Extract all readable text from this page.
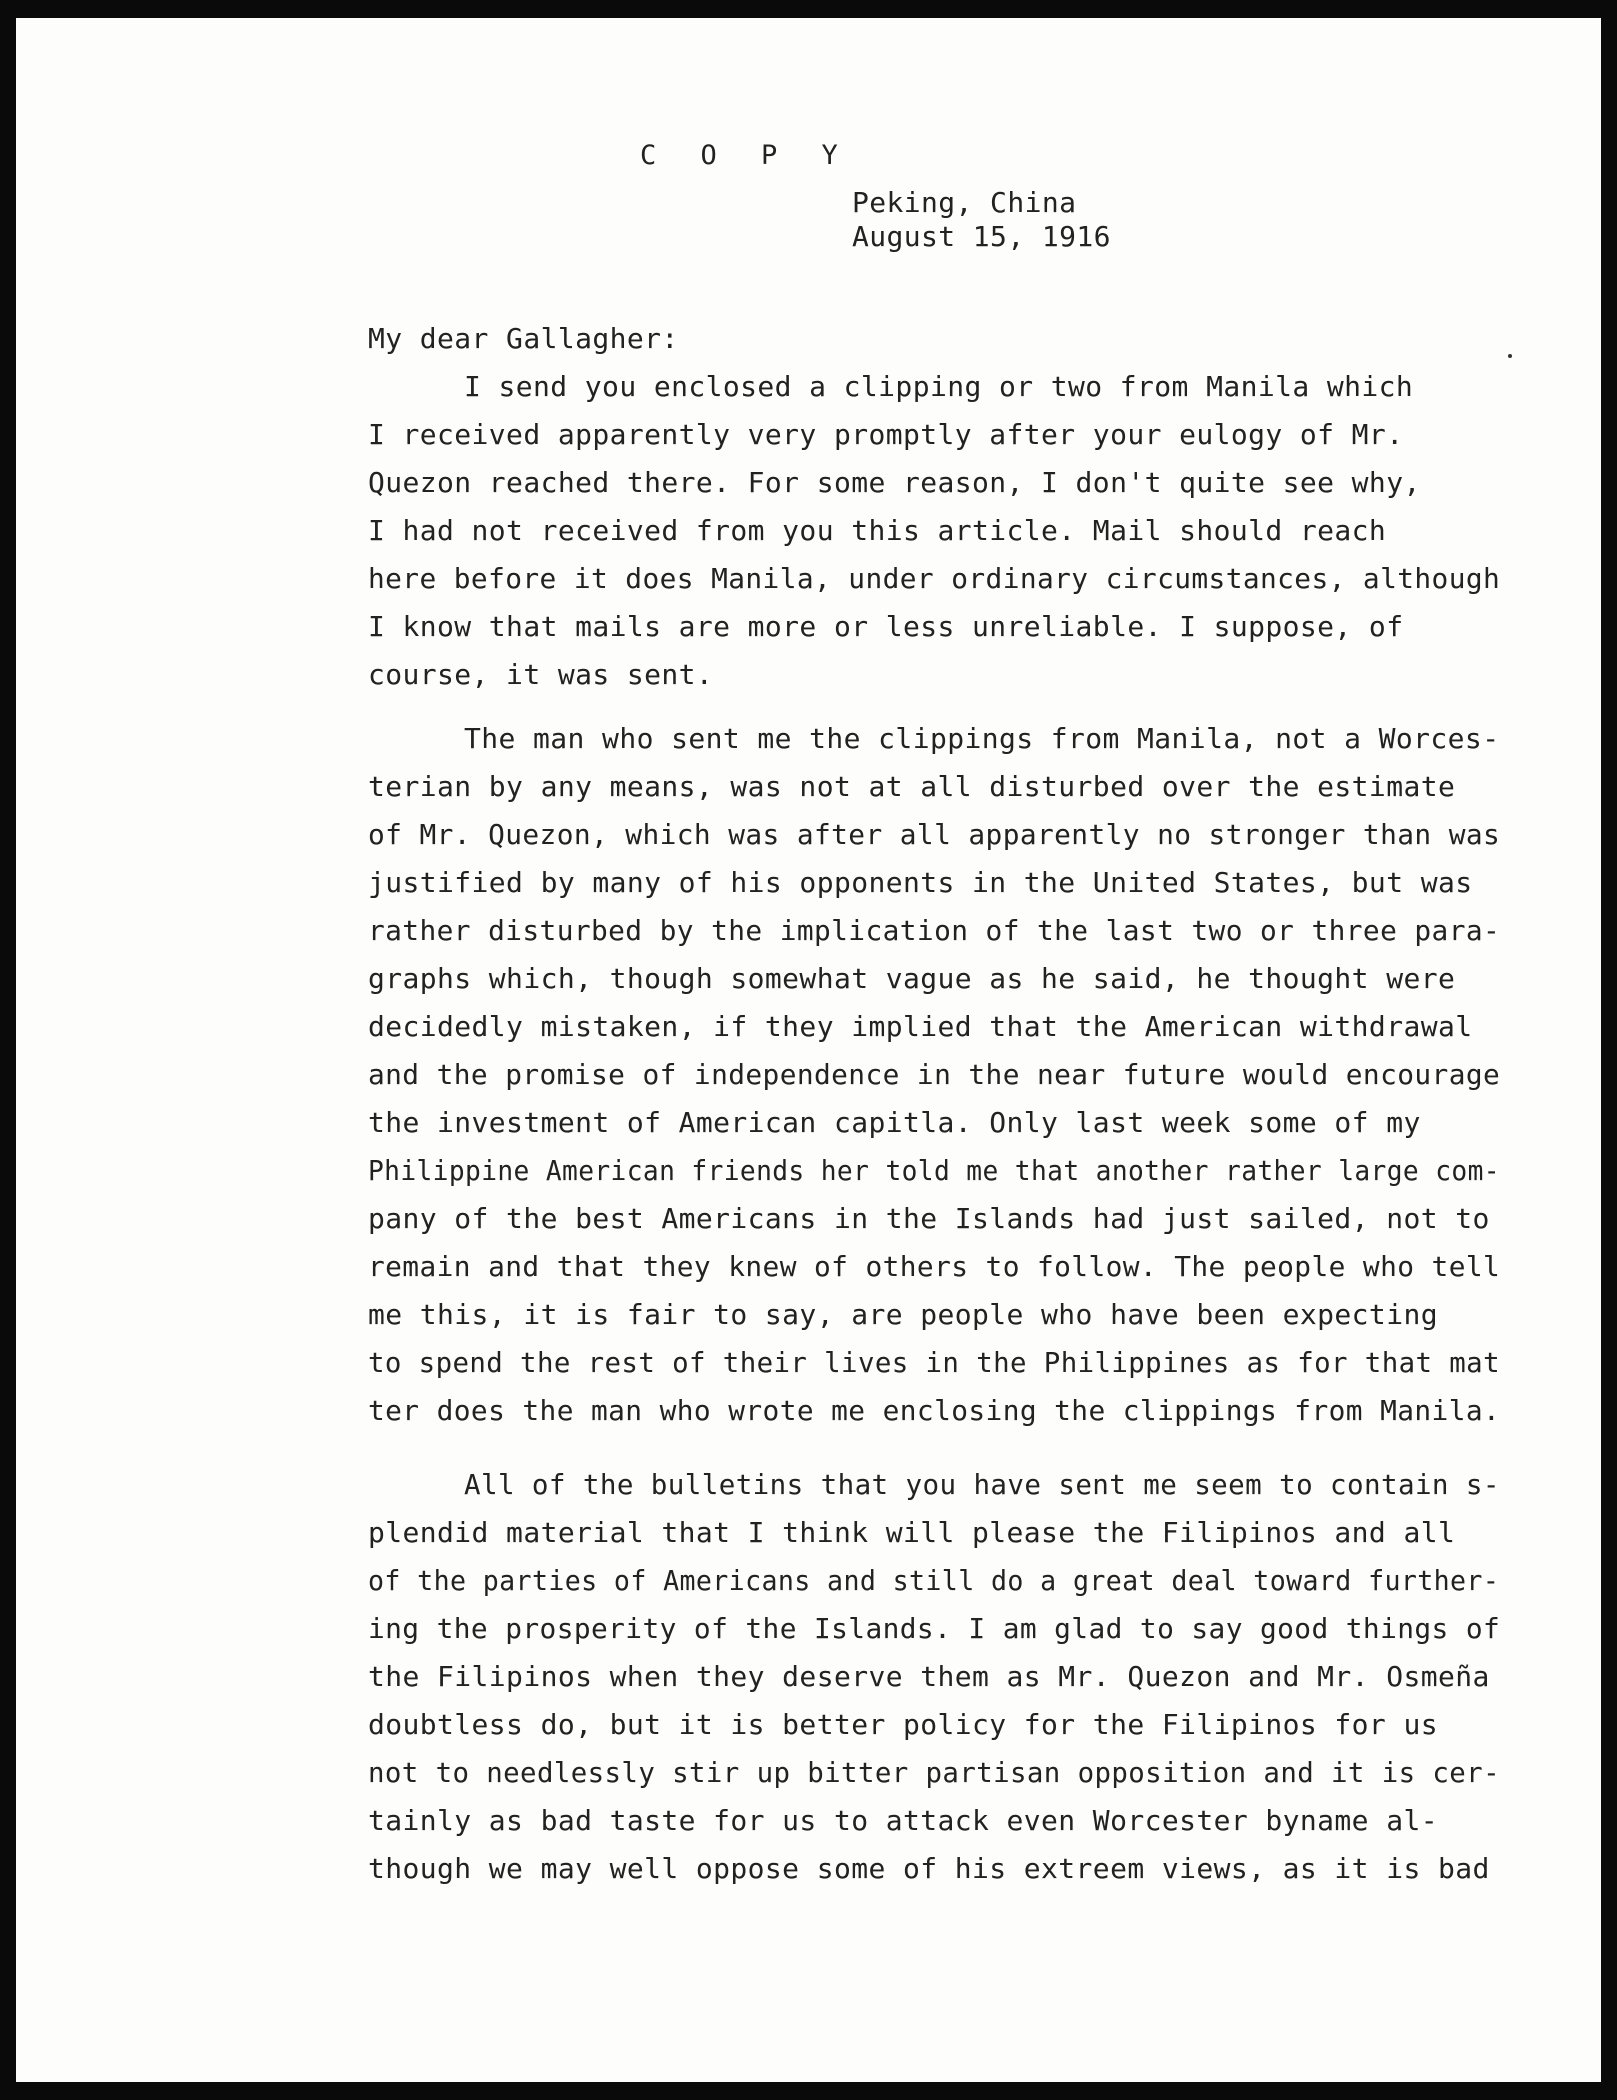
C O P Y
Peking, China
August 15, 1916
My dear Gallagher:
I send you enclosed a clipping or two from Manila which
I received apparently very promptly after your eulogy of Mr.
Quezon reached there. For some reason, I don't quite see why,
I had not received from you this article. Mail should reach
here before it does Manila, under ordinary circumstances, although
I know that mails are more or less unreliable. I suppose, of
course, it was sent.
The man who sent me the clippings from Manila, not a Worces-
terian by any means, was not at all disturbed over the estimate
of Mr. Quezon, which was after all apparently no stronger than was
justified by many of his opponents in the United States, but was
rather disturbed by the implication of the last two or three para-
graphs which, though somewhat vague as he said, he thought were
decidedly mistaken, if they implied that the American withdrawal
and the promise of independence in the near future would encourage
the investment of American capitla. Only last week some of my
Philippine American friends her told me that another rather large com-
pany of the best Americans in the Islands had just sailed, not to
remain and that they knew of others to follow. The people who tell
me this, it is fair to say, are people who have been expecting
to spend the rest of their lives in the Philippines as for that mat
ter does the man who wrote me enclosing the clippings from Manila.
All of the bulletins that you have sent me seem to contain s-
plendid material that I think will please the Filipinos and all
of the parties of Americans and still do a great deal toward further-
ing the prosperity of the Islands. I am glad to say good things of
the Filipinos when they deserve them as Mr. Quezon and Mr. Osmeña
doubtless do, but it is better policy for the Filipinos for us
not to needlessly stir up bitter partisan opposition and it is cer-
tainly as bad taste for us to attack even Worcester byname al-
though we may well oppose some of his extreem views, as it is bad
